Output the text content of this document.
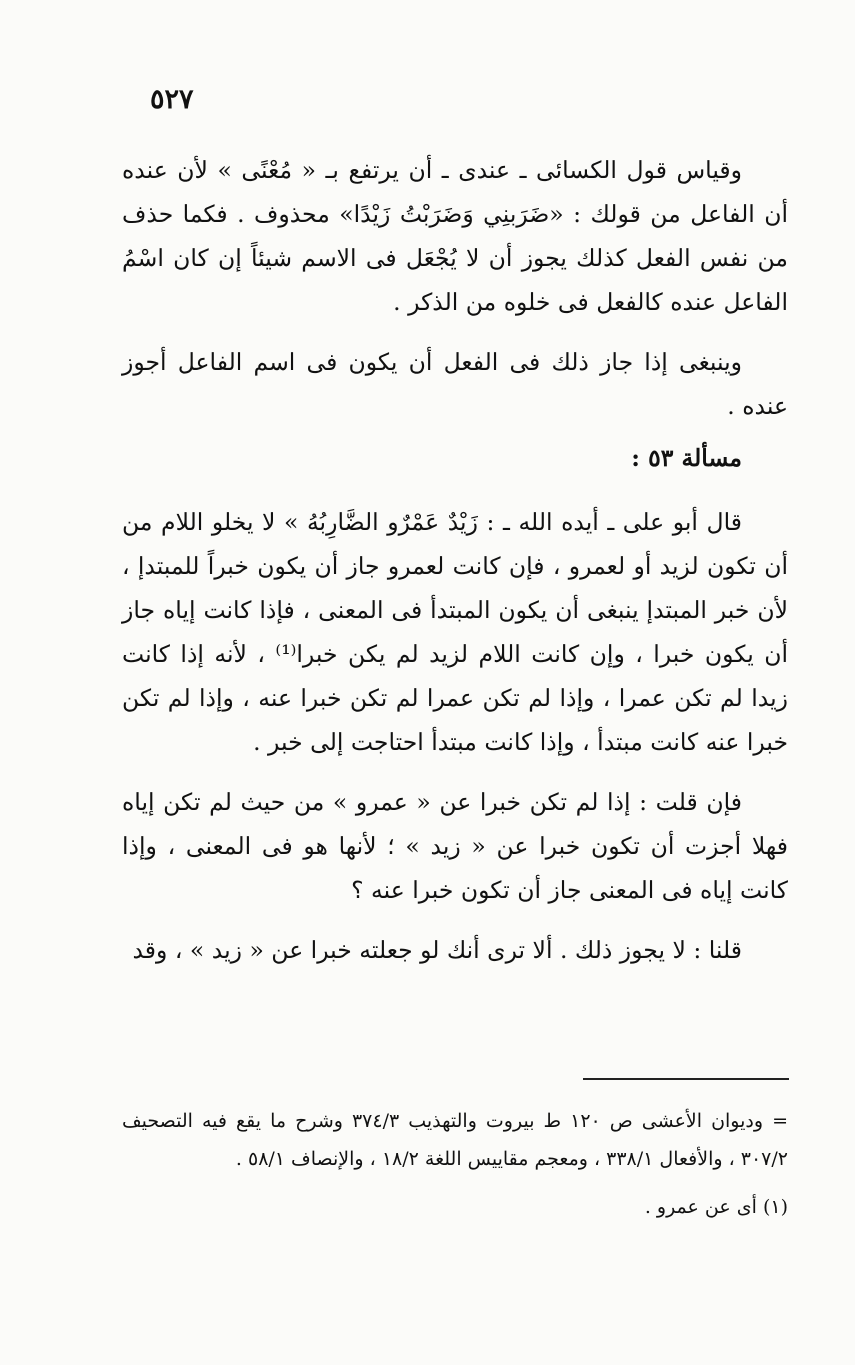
٥٢٧

وقياس قول الكسائى ـ عندى ـ أن يرتفع بـ « مُعْنًى » لأن عنده أن الفاعل من قولك : «ضَرَبنِي وَضَرَبْتُ زَيْدًا» محذوف . فكما حذف من نفس الفعل كذلك يجوز أن لا يُجْعَل فى الاسم شيئاً إن كان اسْمُ الفاعل عنده كالفعل فى خلوه من الذكر .

وينبغى إذا جاز ذلك فى الفعل أن يكون فى اسم الفاعل أجوز عنده .

مسألة ٥٣ :

قال أبو على ـ أيده الله ـ : زَيْدٌ عَمْرٌو الضَّارِبُهُ » لا يخلو اللام من أن تكون لزيد أو لعمرو ، فإن كانت لعمرو جاز أن يكون خبراً للمبتدإ ، لأن خبر المبتدإ ينبغى أن يكون المبتدأ فى المعنى ، فإذا كانت إياه جاز أن يكون خبرا ، وإن كانت اللام لزيد لم يكن خبرا⁽¹⁾ ، لأنه إذا كانت زيدا لم تكن عمرا ، وإذا لم تكن عمرا لم تكن خبرا عنه ، وإذا لم تكن خبرا عنه كانت مبتدأ ، وإذا كانت مبتدأ احتاجت إلى خبر .

فإن قلت : إذا لم تكن خبرا عن « عمرو » من حيث لم تكن إياه فهلا أجزت أن تكون خبرا عن « زيد » ؛ لأنها هو فى المعنى ، وإذا كانت إياه فى المعنى جاز أن تكون خبرا عنه ؟

قلنا : لا يجوز ذلك . ألا ترى أنك لو جعلته خبرا عن « زيد » ، وقد

= وديوان الأعشى ص ١٢٠ ط بيروت والتهذيب ٣٧٤/٣ وشرح ما يقع فيه التصحيف ٣٠٧/٢ ، والأفعال ٣٣٨/١ ، ومعجم مقاييس اللغة ١٨/٢ ، والإنصاف ٥٨/١ .

(١) أى عن عمرو .
